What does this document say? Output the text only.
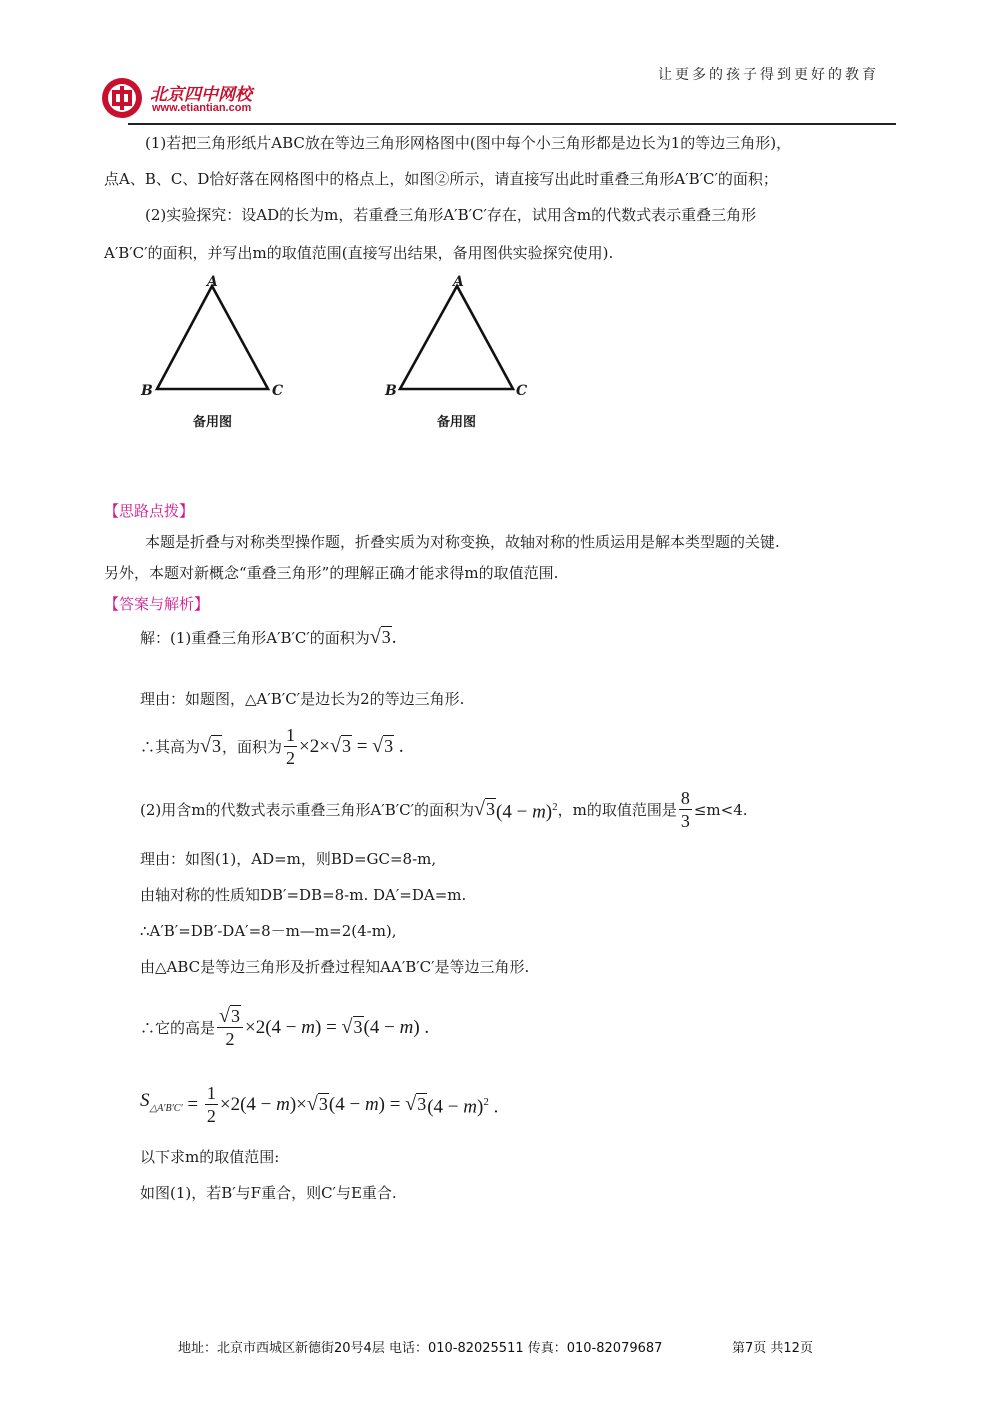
让更多的孩子得到更好的教育
北京四中网校
www.etiantian.com
(1)若把三角形纸片ABC放在等边三角形网格图中(图中每个小三角形都是边长为1的等边三角形)，
点A、B、C、D恰好落在网格图中的格点上，如图②所示，请直接写出此时重叠三角形A′B′C′的面积；
(2)实验探究：设AD的长为m，若重叠三角形A′B′C′存在，试用含m的代数式表示重叠三角形
A′B′C′的面积，并写出m的取值范围(直接写出结果，备用图供实验探究使用).
A
B	C
备用图
A
B	C
备用图
【思路点拨】
本题是折叠与对称类型操作题，折叠实质为对称变换，故轴对称的性质运用是解本类型题的关键.
另外，本题对新概念“重叠三角形”的理解正确才能求得m的取值范围.
【答案与解析】
解：(1)重叠三角形A′B′C′的面积为√3.
理由：如题图，△A′B′C′是边长为2的等边三角形.
∴其高为 √3 ，面积为 $\frac{1}{2} \times 2\times √3 = √3$ .
(2)用含m的代数式表示重叠三角形A′B′C′的面积为 √3 $(4 - m)^2$ ，m的取值范围是 $\frac{8}{3} \le m<4$.
理由：如图(1)，AD=m，则BD=GC=8-m,
由轴对称的性质知DB′=DB=8-m. DA′=DA=m.
∴A′B′=DB′-DA′=8－m—m=2(4-m),
由△ABC是等边三角形及折叠过程知AA′B′C′是等边三角形.
∴它的高是 $\frac{√3}{2} \times 2(4 - m) = √3$ (4 − m) .
$S_{\triangle A'B'C'} = \frac{1}{2} \times 2(4 - m)\times √3$ (4 − m) = √3 $(4 - m)^2$ .
以下求m的取值范围:
如图(1)，若B′与F重合，则C′与E重合.
地址：北京市西城区新德街20号4层 电话：010-82025511 传真：010-82079687	第7页 共12页
